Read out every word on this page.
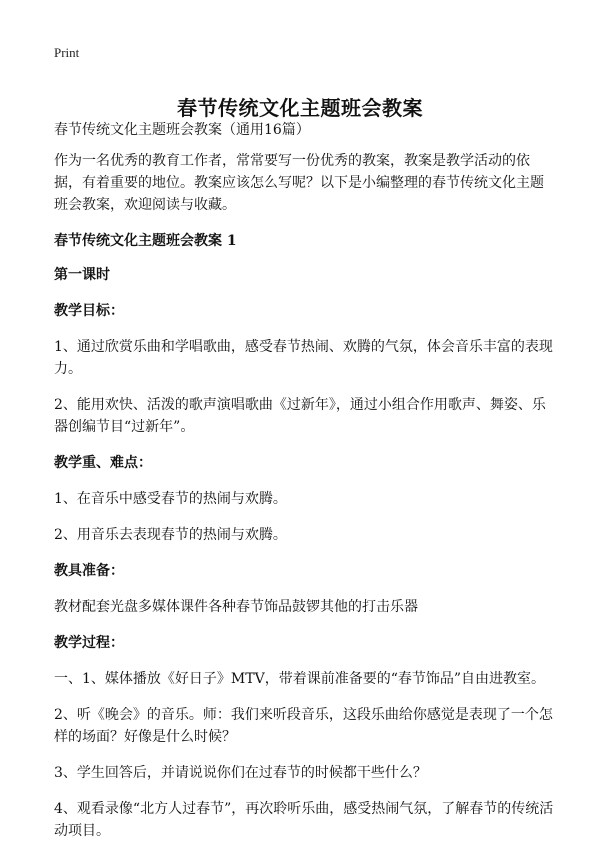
Print
春节传统文化主题班会教案

春节传统文化主题班会教案（通用16篇）

作为一名优秀的教育工作者，常常要写一份优秀的教案，教案是教学活动的依据，有着重要的地位。教案应该怎么写呢？以下是小编整理的春节传统文化主题班会教案，欢迎阅读与收藏。

春节传统文化主题班会教案 1

第一课时

教学目标：

1、通过欣赏乐曲和学唱歌曲，感受春节热闹、欢腾的气氛，体会音乐丰富的表现力。

2、能用欢快、活泼的歌声演唱歌曲《过新年》，通过小组合作用歌声、舞姿、乐器创编节目“过新年”。

教学重、难点：

1、在音乐中感受春节的热闹与欢腾。

2、用音乐去表现春节的热闹与欢腾。

教具准备：

教材配套光盘多媒体课件各种春节饰品鼓锣其他的打击乐器

教学过程：

一、1、媒体播放《好日子》MTV，带着课前准备要的“春节饰品”自由进教室。

2、听《晚会》的音乐。师：我们来听段音乐，这段乐曲给你感觉是表现了一个怎样的场面？好像是什么时候？

3、学生回答后，并请说说你们在过春节的时候都干些什么？

4、观看录像“北方人过春节”，再次聆听乐曲，感受热闹气氛，了解春节的传统活动项目。
